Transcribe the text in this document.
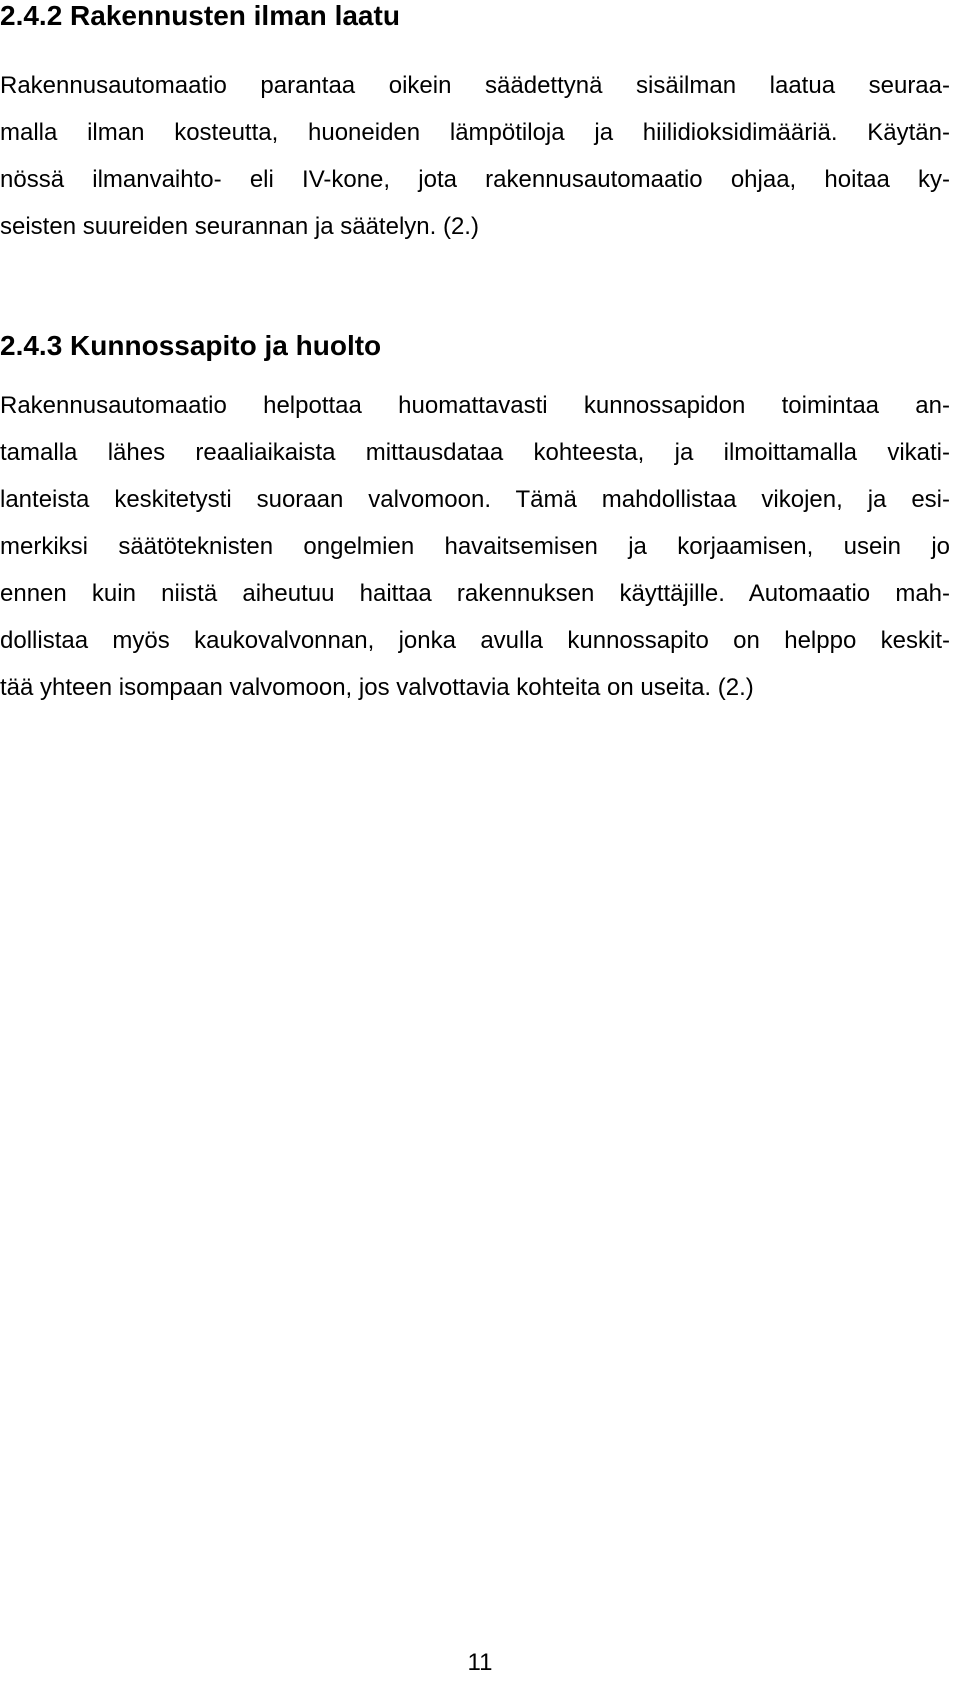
2.4.2 Rakennusten ilman laatu
Rakennusautomaatio parantaa oikein säädettynä sisäilman laatua seuraa-
malla ilman kosteutta, huoneiden lämpötiloja ja hiilidioksidimääriä. Käytän-
nössä ilmanvaihto- eli IV-kone, jota rakennusautomaatio ohjaa, hoitaa ky-
seisten suureiden seurannan ja säätelyn. (2.)
2.4.3 Kunnossapito ja huolto
Rakennusautomaatio helpottaa huomattavasti kunnossapidon toimintaa an-
tamalla lähes reaaliaikaista mittausdataa kohteesta, ja ilmoittamalla vikati-
lanteista keskitetysti suoraan valvomoon. Tämä mahdollistaa vikojen, ja esi-
merkiksi säätöteknisten ongelmien havaitsemisen ja korjaamisen, usein jo
ennen kuin niistä aiheutuu haittaa rakennuksen käyttäjille. Automaatio mah-
dollistaa myös kaukovalvonnan, jonka avulla kunnossapito on helppo keskit-
tää yhteen isompaan valvomoon, jos valvottavia kohteita on useita. (2.)
11
